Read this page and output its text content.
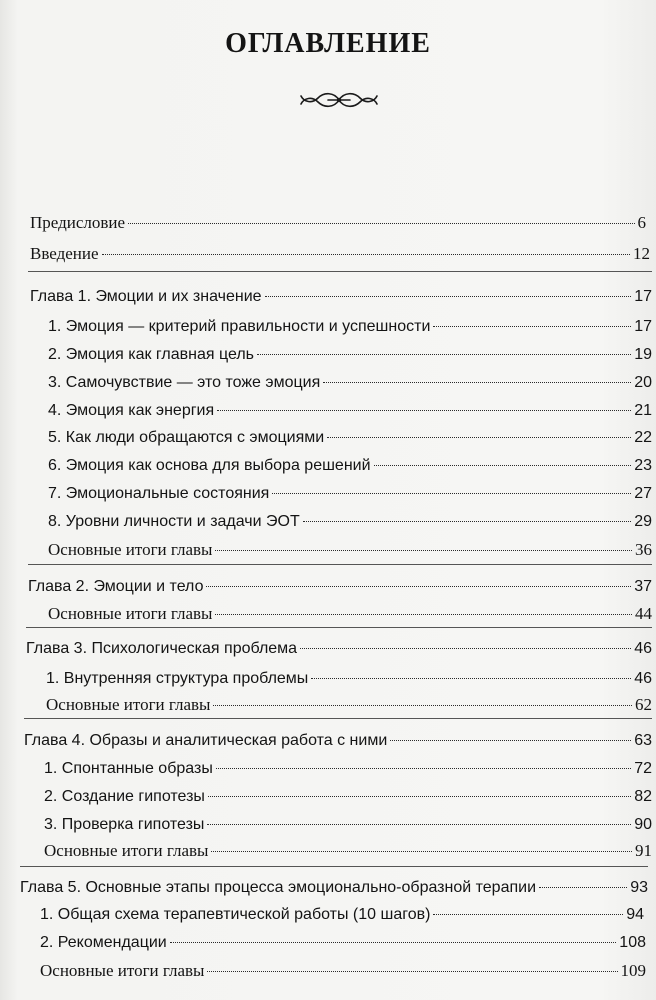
ОГЛАВЛЕНИЕ
Предисловие	6
Введение	12
Глава 1. Эмоции и их значение	17
1. Эмоция — критерий правильности и успешности	17
2. Эмоция как главная цель	19
3. Самочувствие — это тоже эмоция	20
4. Эмоция как энергия	21
5. Как люди обращаются с эмоциями	22
6. Эмоция как основа для выбора решений	23
7. Эмоциональные состояния	27
8. Уровни личности и задачи ЭОТ	29
Основные итоги главы	36
Глава 2. Эмоции и тело	37
Основные итоги главы	44
Глава 3. Психологическая проблема	46
1. Внутренняя структура проблемы	46
Основные итоги главы	62
Глава 4. Образы и аналитическая работа с ними	63
1. Спонтанные образы	72
2. Создание гипотезы	82
3. Проверка гипотезы	90
Основные итоги главы	91
Глава 5. Основные этапы процесса эмоционально-образной терапии	93
1. Общая схема терапевтической работы (10 шагов)	94
2. Рекомендации	108
Основные итоги главы	109
